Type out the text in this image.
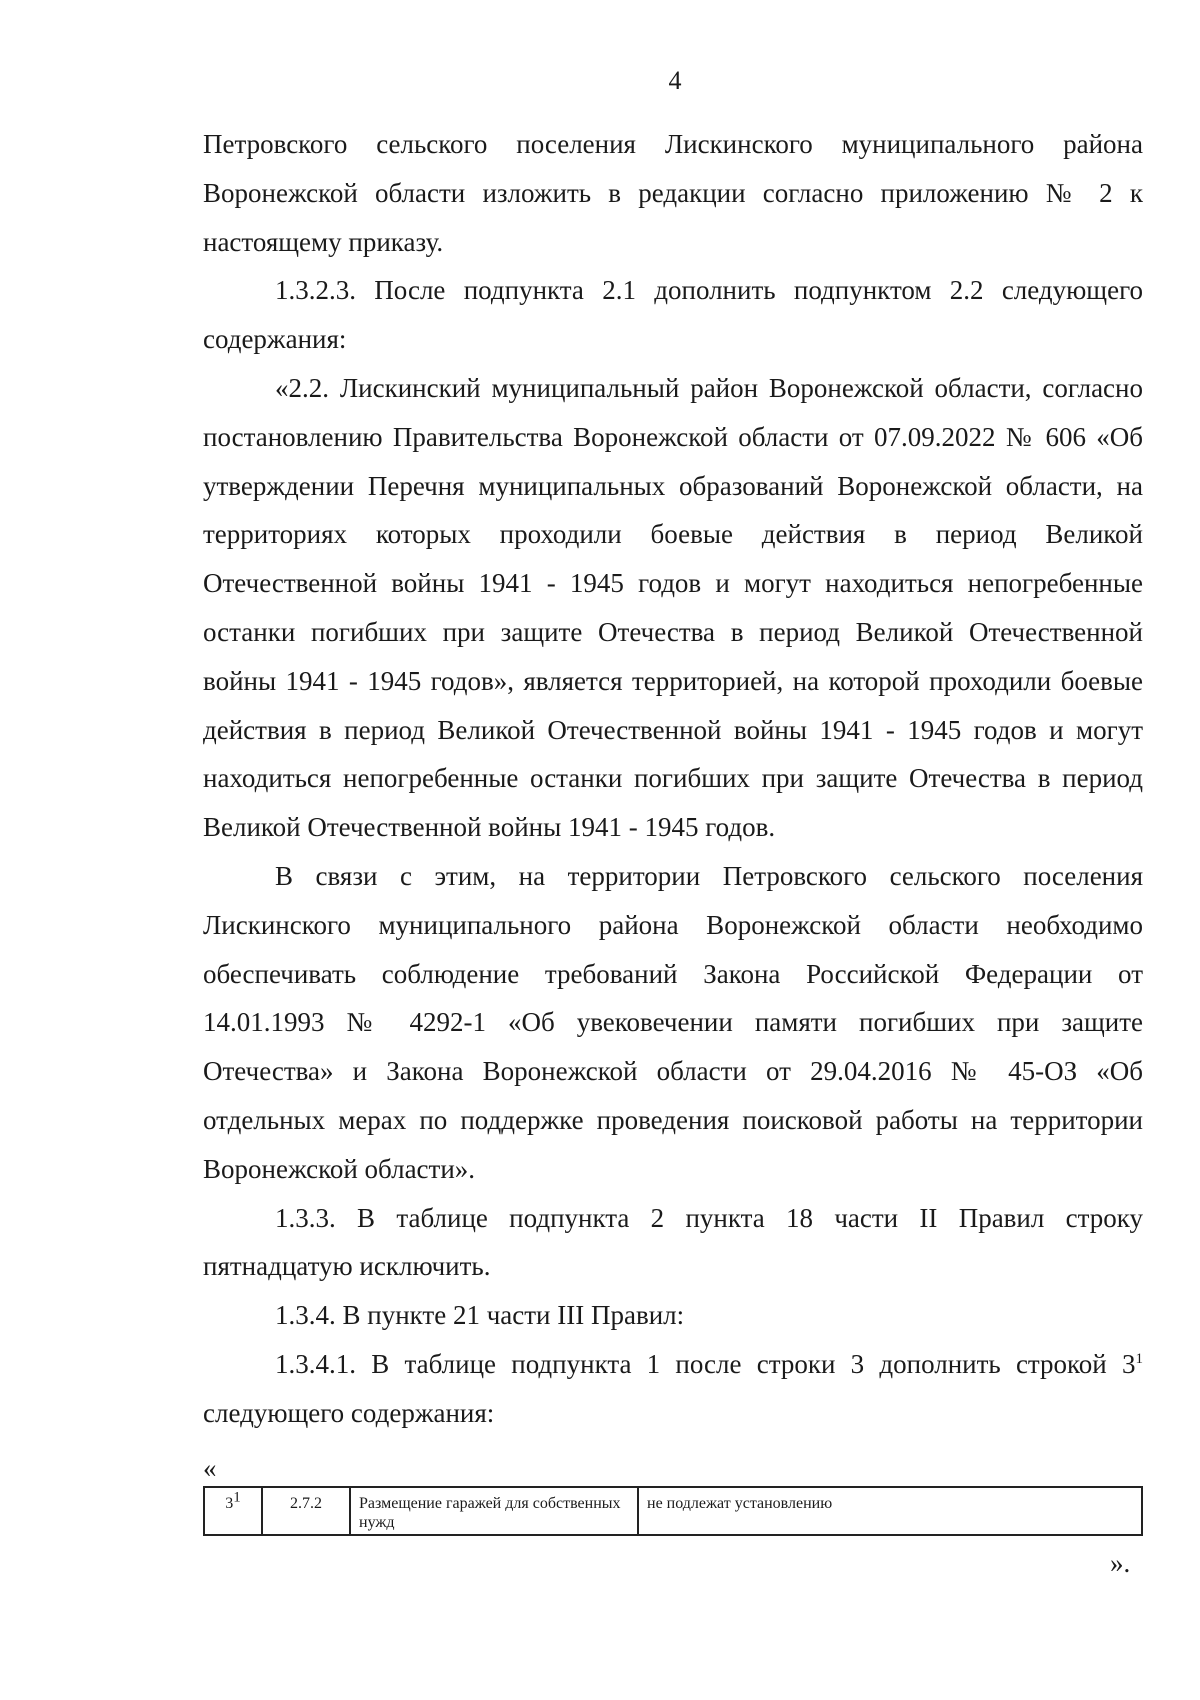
4

Петровского сельского поселения Лискинского муниципального района Воронежской области изложить в редакции согласно приложению № 2 к настоящему приказу.

1.3.2.3. После подпункта 2.1 дополнить подпунктом 2.2 следующего содержания:

«2.2. Лискинский муниципальный район Воронежской области, согласно постановлению Правительства Воронежской области от 07.09.2022 № 606 «Об утверждении Перечня муниципальных образований Воронежской области, на территориях которых проходили боевые действия в период Великой Отечественной войны 1941 - 1945 годов и могут находиться непогребенные останки погибших при защите Отечества в период Великой Отечественной войны 1941 - 1945 годов», является территорией, на которой проходили боевые действия в период Великой Отечественной войны 1941 - 1945 годов и могут находиться непогребенные останки погибших при защите Отечества в период Великой Отечественной войны 1941 - 1945 годов.

В связи с этим, на территории Петровского сельского поселения Лискинского муниципального района Воронежской области необходимо обеспечивать соблюдение требований Закона Российской Федерации от 14.01.1993 № 4292-1 «Об увековечении памяти погибших при защите Отечества» и Закона Воронежской области от 29.04.2016 № 45-ОЗ «Об отдельных мерах по поддержке проведения поисковой работы на территории Воронежской области».

1.3.3. В таблице подпункта 2 пункта 18 части II Правил строку пятнадцатую исключить.

1.3.4. В пункте 21 части III Правил:

1.3.4.1. В таблице подпункта 1 после строки 3 дополнить строкой $3^1$ следующего содержания:

«
$3^1$	2.7.2	Размещение гаражей для собственных нужд	не подлежат установлению
».
